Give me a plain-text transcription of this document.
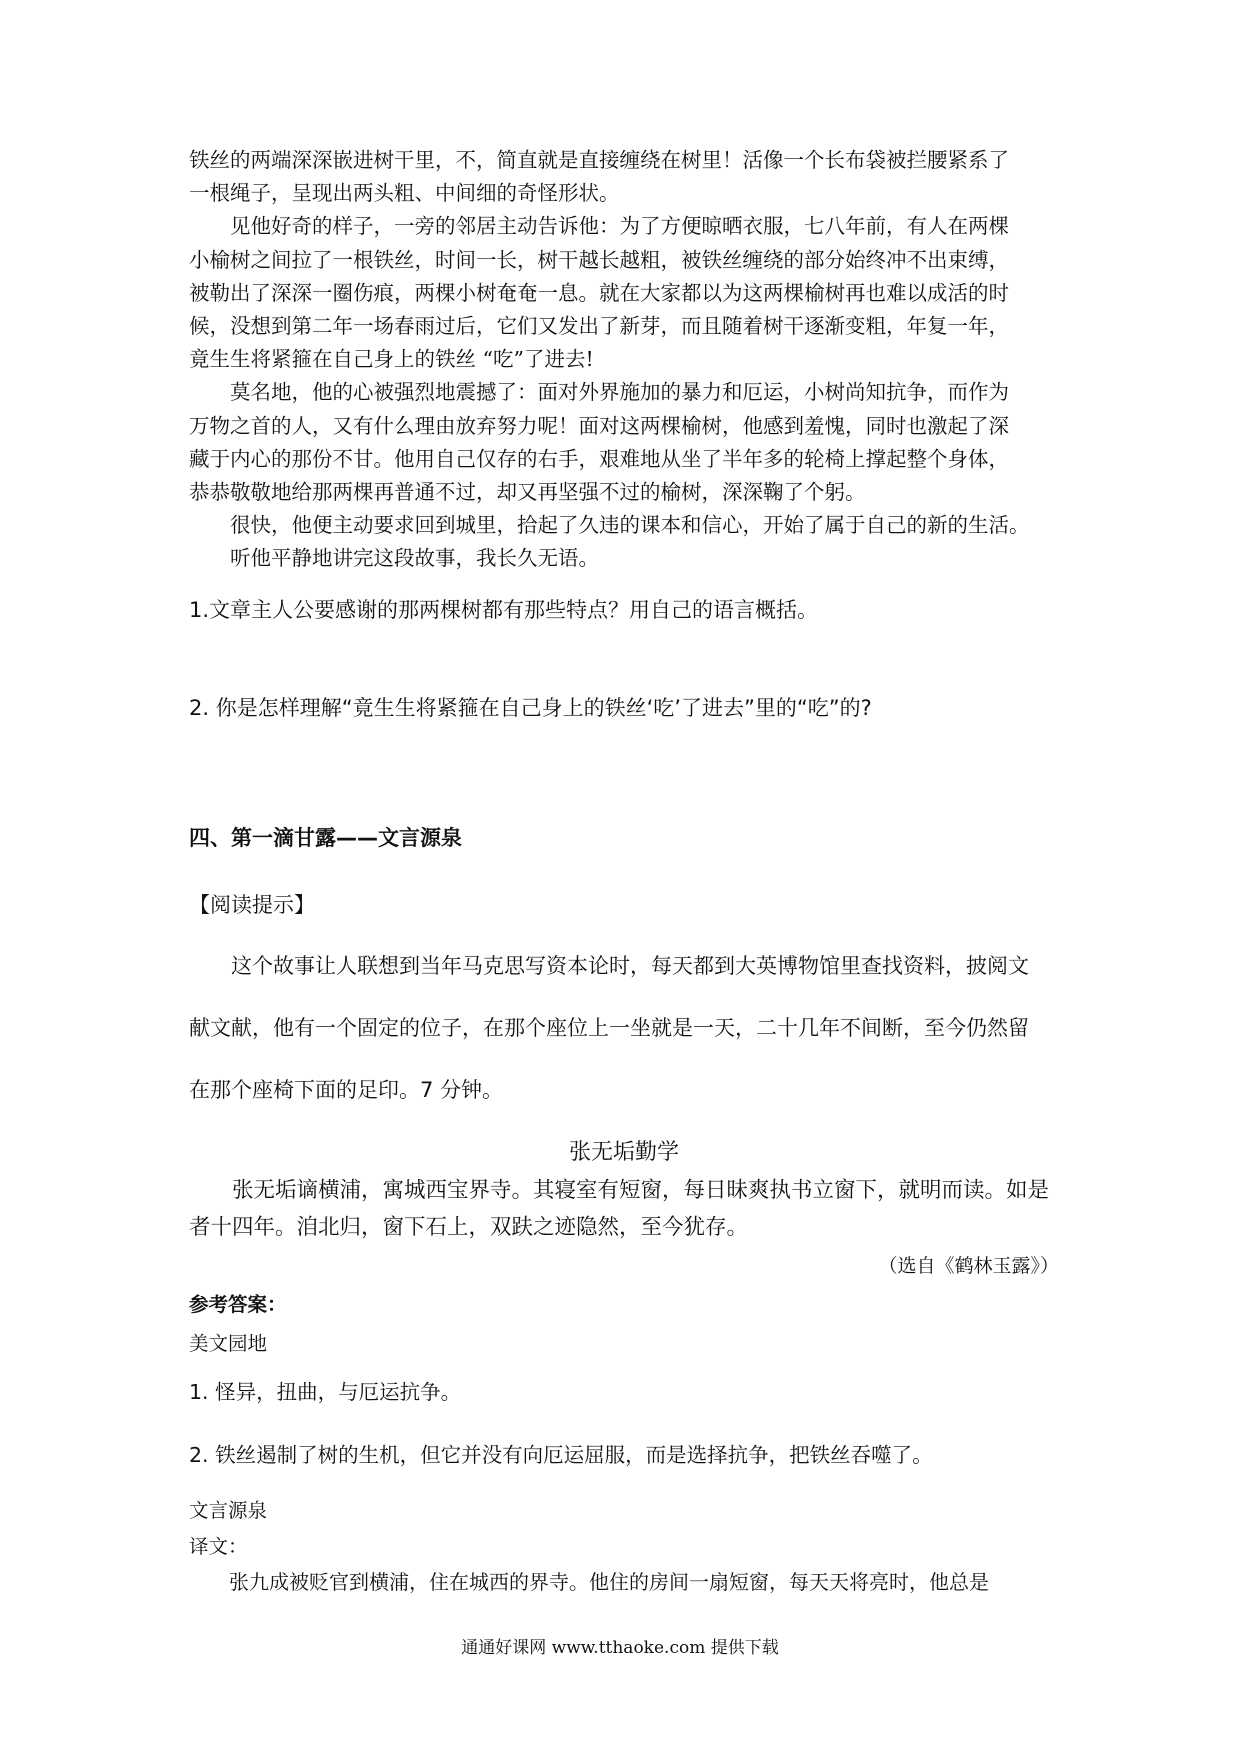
铁丝的两端深深嵌进树干里，不，简直就是直接缠绕在树里！活像一个长布袋被拦腰紧系了
一根绳子，呈现出两头粗、中间细的奇怪形状。
　　见他好奇的样子，一旁的邻居主动告诉他：为了方便晾晒衣服，七八年前，有人在两棵
小榆树之间拉了一根铁丝，时间一长，树干越长越粗，被铁丝缠绕的部分始终冲不出束缚，
被勒出了深深一圈伤痕，两棵小树奄奄一息。就在大家都以为这两棵榆树再也难以成活的时
候，没想到第二年一场春雨过后，它们又发出了新芽，而且随着树干逐渐变粗，年复一年，
竟生生将紧箍在自己身上的铁丝 “吃”了进去!
　　莫名地，他的心被强烈地震撼了：面对外界施加的暴力和厄运，小树尚知抗争，而作为
万物之首的人，又有什么理由放弃努力呢！面对这两棵榆树，他感到羞愧，同时也激起了深
藏于内心的那份不甘。他用自己仅存的右手，艰难地从坐了半年多的轮椅上撑起整个身体，
恭恭敬敬地给那两棵再普通不过，却又再坚强不过的榆树，深深鞠了个躬。
　　很快，他便主动要求回到城里，拾起了久违的课本和信心，开始了属于自己的新的生活。
　　听他平静地讲完这段故事，我长久无语。

1.文章主人公要感谢的那两棵树都有那些特点？用自己的语言概括。

2. 你是怎样理解“竟生生将紧箍在自己身上的铁丝‘吃’了进去”里的“吃”的?

四、第一滴甘露——文言源泉

【阅读提示】

　　这个故事让人联想到当年马克思写资本论时，每天都到大英博物馆里查找资料，披阅文
献文献，他有一个固定的位子，在那个座位上一坐就是一天，二十几年不间断，至今仍然留
在那个座椅下面的足印。7 分钟。

张无垢勤学

　　张无垢谪横浦，寓城西宝界寺。其寝室有短窗，每日昧爽执书立窗下，就明而读。如是
者十四年。洎北归，窗下石上，双趺之迹隐然，至今犹存。

（选自《鹤林玉露》）

参考答案：

美文园地

1. 怪异，扭曲，与厄运抗争。

2. 铁丝遏制了树的生机，但它并没有向厄运屈服，而是选择抗争，把铁丝吞噬了。

文言源泉

译文：

　　张九成被贬官到横浦，住在城西的界寺。他住的房间一扇短窗，每天天将亮时，他总是

通通好课网 www.tthaoke.com 提供下载
